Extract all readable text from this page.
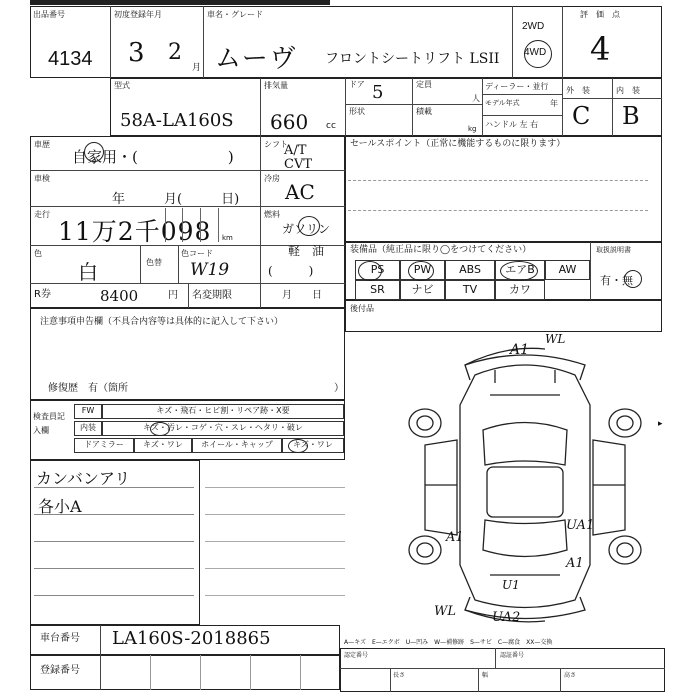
出品番号
4134
初度登録年月
3 2
月
車名・グレード
ムーヴ フロントシートリフト LSII
2WD
4WD
評　価　点
4
型式
58A-LA160S
排気量
660 cc
ドア 5	定員
人
形状	積載
kg
ディーラー・並行
モデル年式	年
ハンドル 左 右
外　装	内　装
C B
車歴
自家用・(　　　　　　)
シフト
A/T CVT
車検
年　　　月(　　　日)
冷房
AC
走行
11万2千098 km
燃料
ガソリン
軽　油
(　　　)
色
白	色替
色コード
W19
R券	8400	円 名変期限	月　　日
セールスポイント（正常に機能するものに限ります）
装備品（純正品に限り◯をつけてください）	取扱説明書
PS	PW	ABS	エアB	AW
SR	ナビ	TV	カワ
有・無
後付品
注意事項申告欄（不具合内容等は具体的に記入して下さい）
修復歴　有（箇所	）
検査員記入欄
FW	キズ・飛石・ヒビ割・リペア跡・X要
内装	キズ・汚レ・コゲ・穴・スレ・ヘタリ・破レ
ドアミラー	キズ・ワレ	ホイール・キャップ	キズ・ワレ
カンバンアリ
各小A
A1
WL
UA1
A1
A1
U1
WL	UA2
▸
車台番号 LA160S-2018865
登録番号
A—キズ　E—エクボ　U—凹み　W—補修跡　S—サビ　C—腐食　XX—交換
認定番号	認証番号
長さ	幅	高さ
